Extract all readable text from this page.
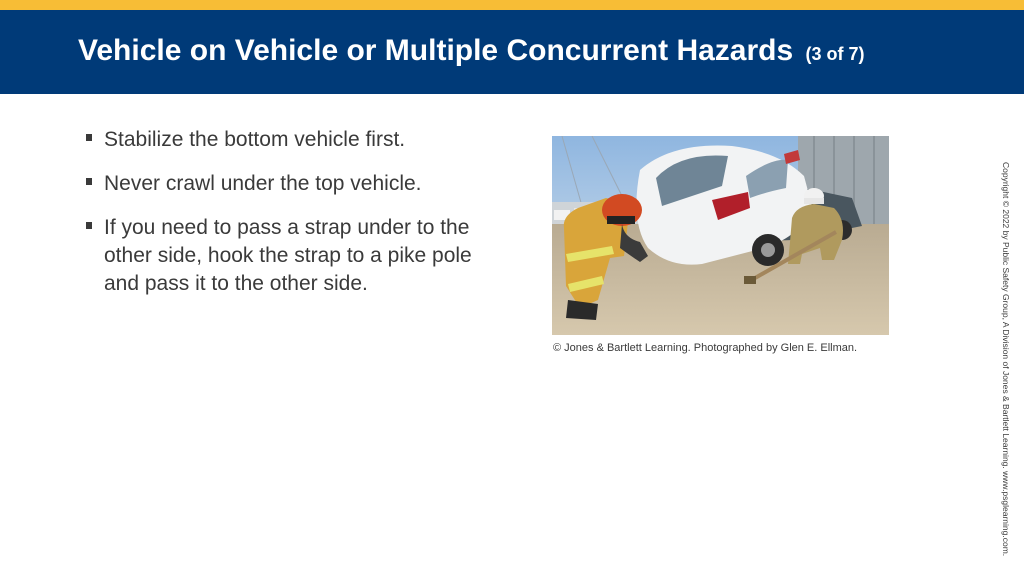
Vehicle on Vehicle or Multiple Concurrent Hazards (3 of 7)
Stabilize the bottom vehicle first.
Never crawl under the top vehicle.
If you need to pass a strap under to the other side, hook the strap to a pike pole and pass it to the other side.
© Jones & Bartlett Learning. Photographed by Glen E. Ellman.	Copyright © 2022 by Public Safety Group, A Division of Jones & Bartlett Learning. www.psglearning.com.
